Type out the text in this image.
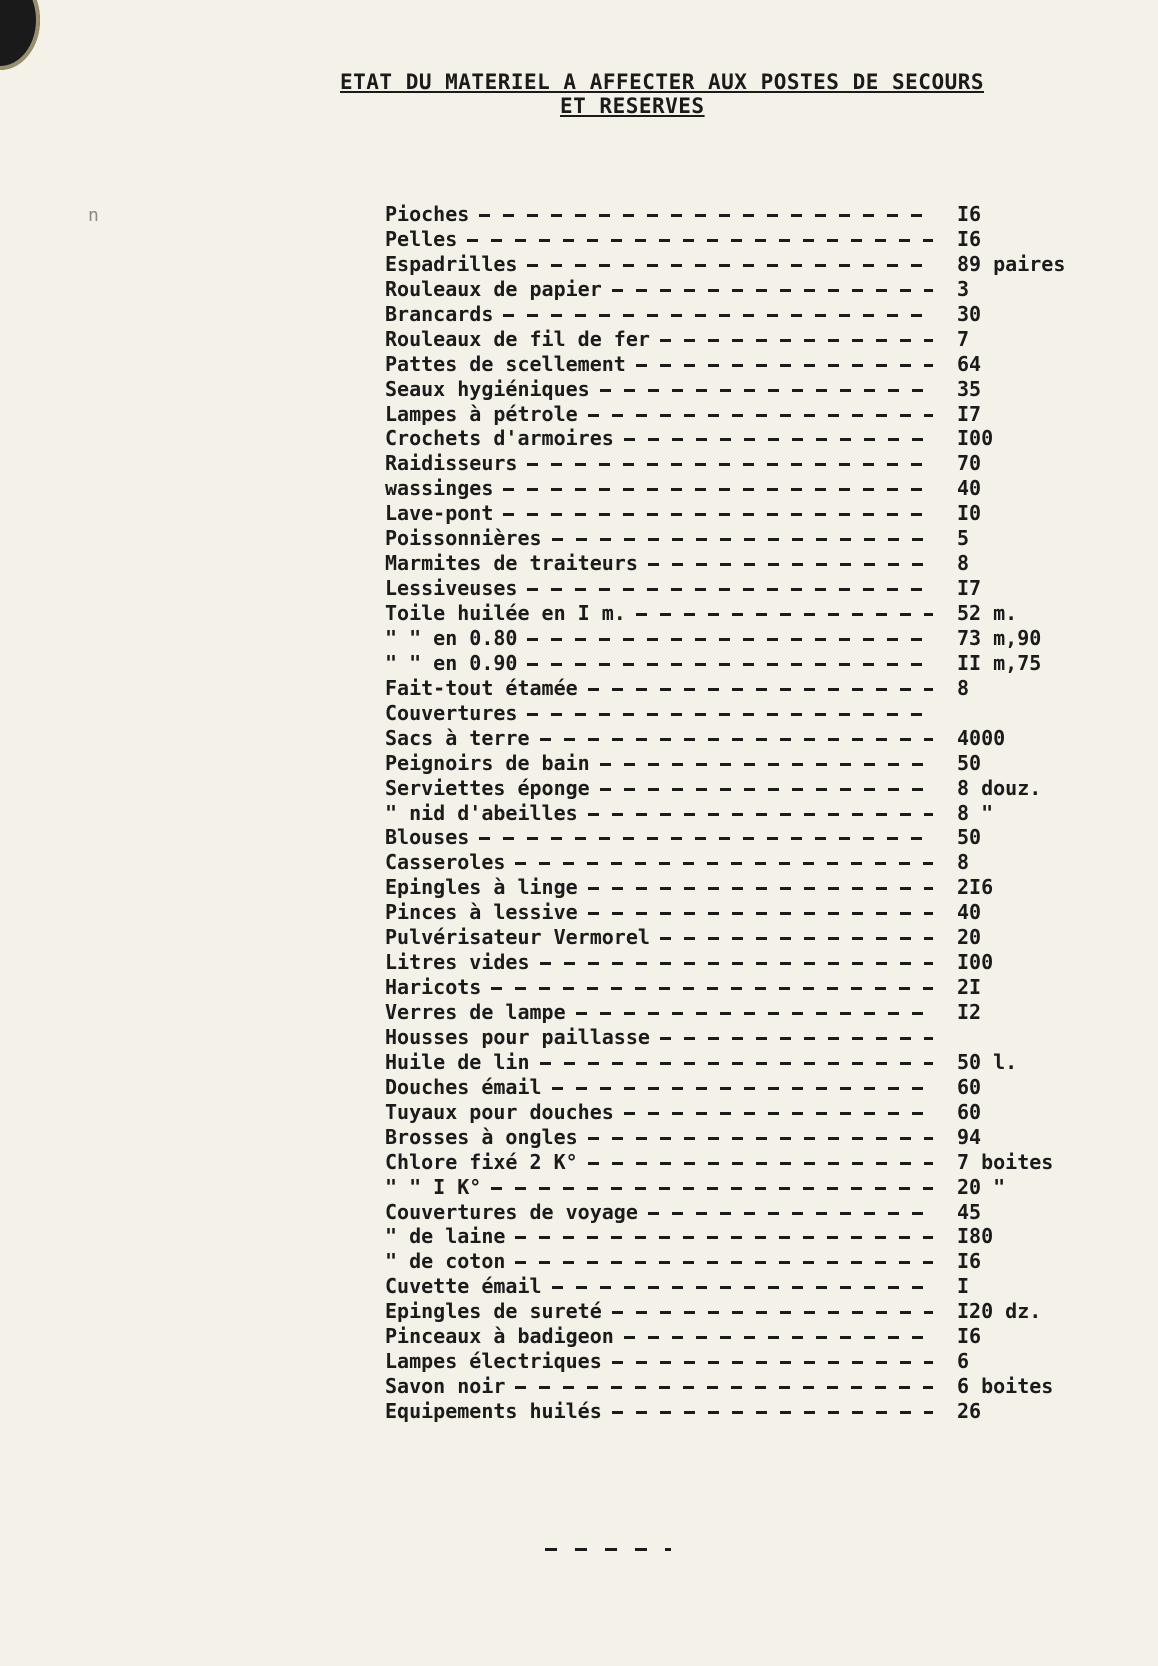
n
ETAT DU MATERIEL A AFFECTER AUX POSTES DE SECOURS
ET RESERVES
Pioches	I6
Pelles	I6
Espadrilles	89 paires
Rouleaux de papier	3
Brancards	30
Rouleaux de fil de fer	7
Pattes de scellement	64
Seaux hygiéniques	35
Lampes à pétrole	I7
Crochets d'armoires	I00
Raidisseurs	70
wassinges	40
Lave-pont	I0
Poissonnières	5
Marmites de traiteurs	8
Lessiveuses	I7
Toile huilée en I m.	52 m.
" " en 0.80	73 m,90
" " en 0.90	II m,75
Fait-tout étamée	8
Couvertures
Sacs à terre	4000
Peignoirs de bain	50
Serviettes éponge	8 douz.
" nid d'abeilles	8 "
Blouses	50
Casseroles	8
Epingles à linge	2I6
Pinces à lessive	40
Pulvérisateur Vermorel	20
Litres vides	I00
Haricots	2I
Verres de lampe	I2
Housses pour paillasse
Huile de lin	50 l.
Douches émail	60
Tuyaux pour douches	60
Brosses à ongles	94
Chlore fixé 2 K°	7 boites
" " I K°	20 "
Couvertures de voyage	45
" de laine	I80
" de coton	I6
Cuvette émail	I
Epingles de sureté	I20 dz.
Pinceaux à badigeon	I6
Lampes électriques	6
Savon noir	6 boites
Equipements huilés	26
